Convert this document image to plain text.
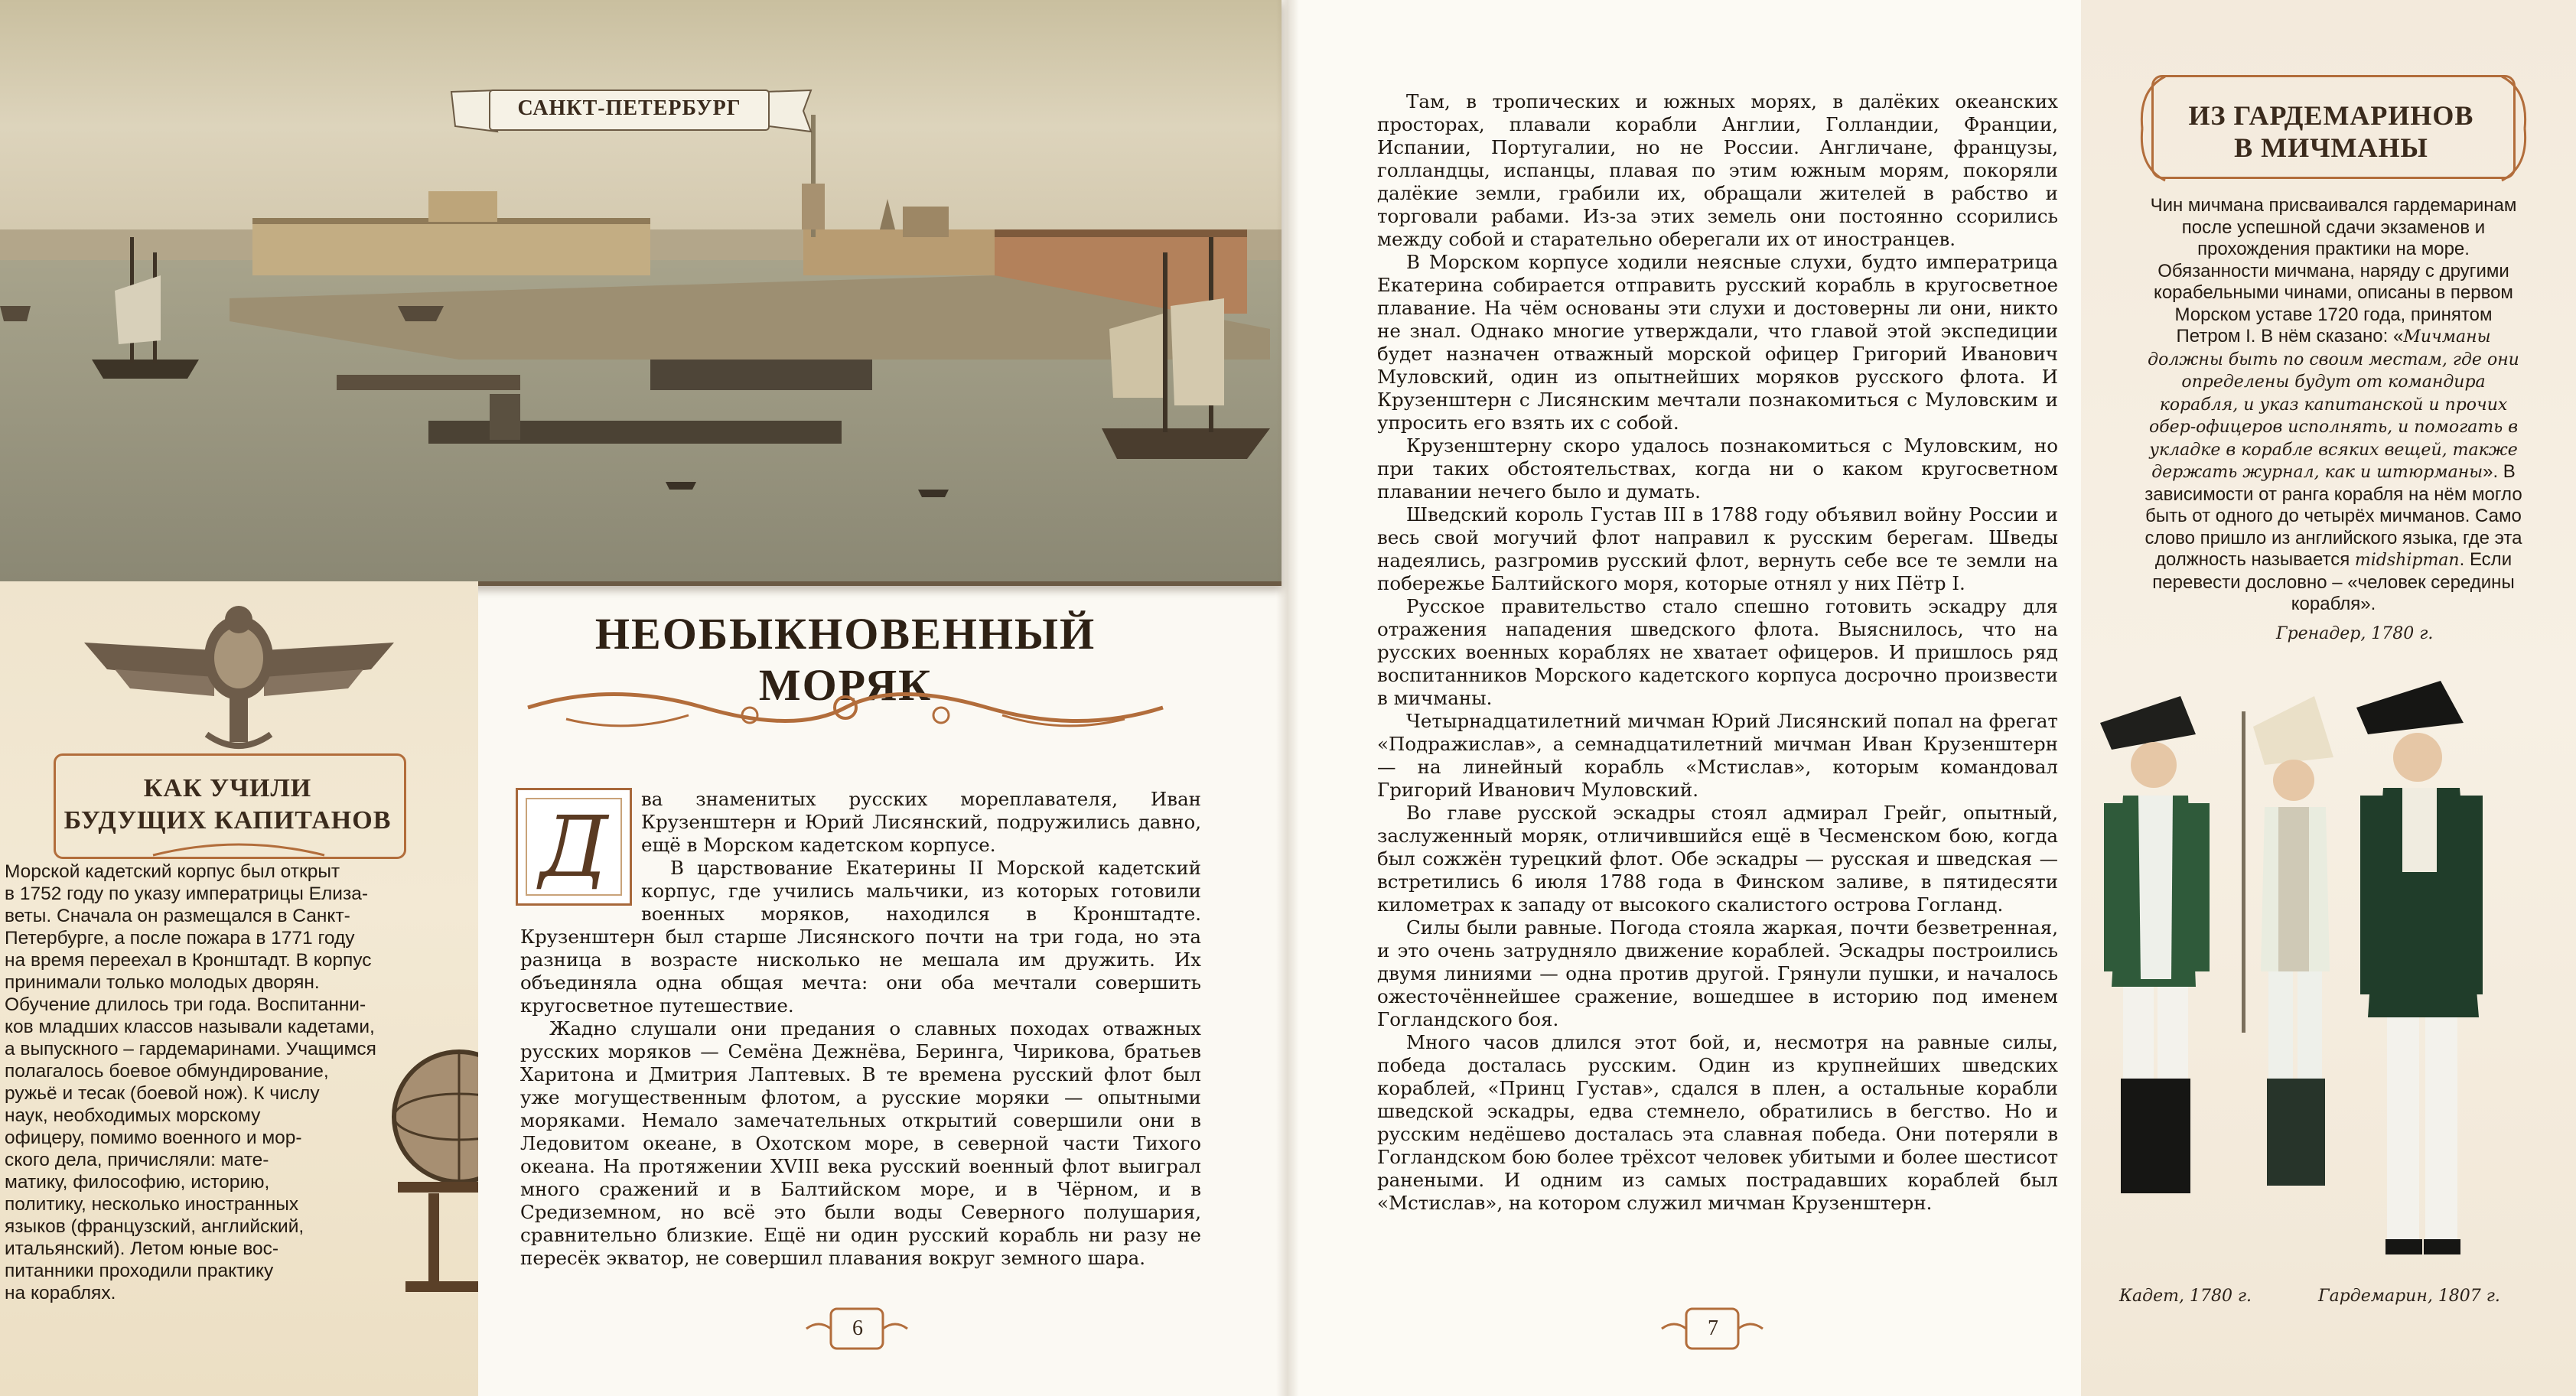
САНКТ-ПЕТЕРБУРГ
КАК УЧИЛИ
БУДУЩИХ КАПИТАНОВ

Морской кадетский корпус был открыт

в 1752 году по указу императрицы Елиза-

веты. Сначала он размещался в Санкт-

Петербурге, а после пожара в 1771 году

на время переехал в Кронштадт. В корпус

принимали только молодых дворян.

Обучение длилось три года. Воспитанни-

ков младших классов называли кадетами,

а выпускного – гардемаринами. Учащимся

полагалось боевое обмундирование,

ружьё и тесак (боевой нож). К числу

наук, необходимых морскому

офицеру, помимо военного и мор-

ского дела, причисляли: мате-

матику, философию, историю,

политику, несколько иностранных

языков (французский, английский,

итальянский). Летом юные вос-

питанники проходили практику

на кораблях.

НЕОБЫКНОВЕННЫЙ МОРЯК
Д	ва знаменитых русских мореплавателя, Иван Крузенштерн и Юрий Лисянский, подружились давно, ещё в Морском кадетском корпусе.

В царствование Екатерины II Морской кадетский корпус, где учились мальчики, из которых готовили военных моряков, находился в Кронштадте. Крузенштерн был старше Лисянского почти на три года, но эта разница в возрасте нисколько не мешала им дружить. Их объединяла одна общая мечта: они оба мечтали совершить кругосветное путешествие.

Жадно слушали они предания о славных походах отважных русских моряков — Семёна Дежнёва, Беринга, Чирикова, братьев Харитона и Дмитрия Лаптевых. В те времена русский флот был уже могущественным флотом, а русские моряки — опытными моряками. Немало замечательных открытий совершили они в Ледовитом океане, в Охотском море, в северной части Тихого океана. На протяжении XVIII века русский военный флот выиграл много сражений и в Балтийском море, и в Чёрном, и в Средиземном, но всё это были воды Северного полушария, сравнительно близкие. Ещё ни один русский корабль ни разу не пересёк экватор, не совершил плавания вокруг земного шара.

6

Там, в тропических и южных морях, в далёких океанских просторах, плавали корабли Англии, Голландии, Франции, Испании, Португалии, но не России. Англичане, французы, голландцы, испанцы, плавая по этим южным морям, покоряли далёкие земли, грабили их, обращали жителей в рабство и торговали рабами. Из-за этих земель они постоянно ссорились между собой и старательно оберегали их от иностранцев.

В Морском корпусе ходили неясные слухи, будто императрица Екатерина собирается отправить русский корабль в кругосветное плавание. На чём основаны эти слухи и достоверны ли они, никто не знал. Однако многие утверждали, что главой этой экспедиции будет назначен отважный морской офицер Григорий Иванович Муловский, один из опытнейших моряков русского флота. И Крузенштерн с Лисянским мечтали познакомиться с Муловским и упросить его взять их с собой.

Крузенштерну скоро удалось познакомиться с Муловским, но при таких обстоятельствах, когда ни о каком кругосветном плавании нечего было и думать.

Шведский король Густав III в 1788 году объявил войну России и весь свой могучий флот направил к русским берегам. Шведы надеялись, разгромив русский флот, вернуть себе все те земли на побережье Балтийского моря, которые отнял у них Пётр I.

Русское правительство стало спешно готовить эскадру для отражения нападения шведского флота. Выяснилось, что на русских военных кораблях не хватает офицеров. И пришлось ряд воспитанников Морского кадетского корпуса досрочно произвести в мичманы.

Четырнадцатилетний мичман Юрий Лисянский попал на фрегат «Подражислав», а семнадцатилетний мичман Иван Крузенштерн — на линейный корабль «Мстислав», которым командовал Григорий Иванович Муловский.

Во главе русской эскадры стоял адмирал Грейг, опытный, заслуженный моряк, отличившийся ещё в Чесменском бою, когда был сожжён турецкий флот. Обе эскадры — русская и шведская — встретились 6 июля 1788 года в Финском заливе, в пятидесяти километрах к западу от высокого скалистого острова Гогланд.

Силы были равные. Погода стояла жаркая, почти безветренная, и это очень затрудняло движение кораблей. Эскадры построились двумя линиями — одна против другой. Грянули пушки, и началось ожесточённейшее сражение, вошедшее в историю под именем Гогландского боя.

Много часов длился этот бой, и, несмотря на равные силы, победа досталась русским. Один из крупнейших шведских кораблей, «Принц Густав», сдался в плен, а остальные корабли шведской эскадры, едва стемнело, обратились в бегство. Но и русским недёшево досталась эта славная победа. Они потеряли в Гогландском бою более трёхсот человек убитыми и более шестисот ранеными. И одним из самых пострадавших кораблей был «Мстислав», на котором служил мичман Крузенштерн.

7
ИЗ ГАРДЕМАРИНОВ
В МИЧМАНЫ
Чин мичмана присваивался гардемаринам после успешной сдачи экзаменов и прохождения практики на море. Обязанности мичмана, наряду с другими корабельными чинами, описаны в первом Морском уставе 1720 года, принятом Петром I. В нём сказано: «Мичманы должны быть по своим местам, где они определены будут от командира корабля, и указ капитанской и прочих обер-офицеров исполнять, и помогать в укладке в корабле всяких вещей, также держать журнал, как и штюрманы». В зависимости от ранга корабля на нём могло быть от одного до четырёх мичманов. Само слово пришло из английского языка, где эта должность называется midshipman. Если перевести дословно – «человек середины корабля».
Гренадер, 1780 г.
Кадет, 1780 г.	Гардемарин, 1807 г.
